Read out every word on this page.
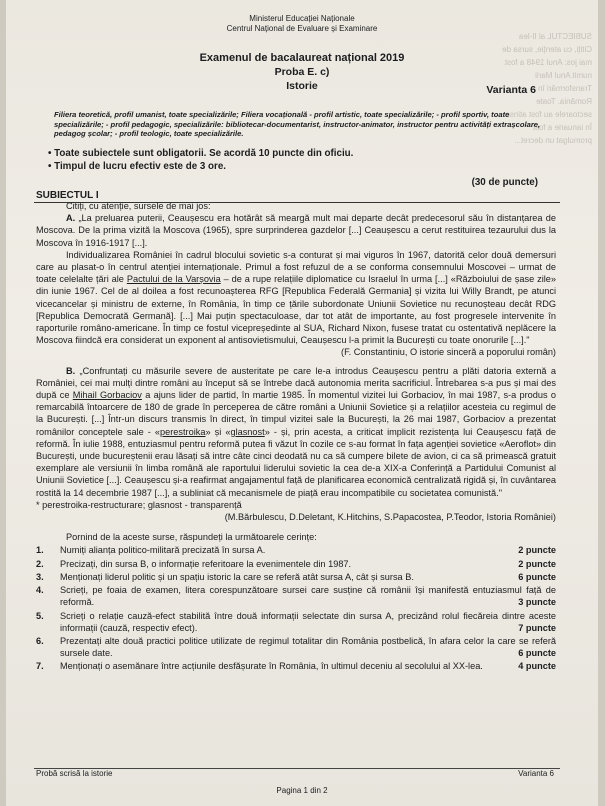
SUBIECTUL al II-lea Citiți, cu atenție, sursa de mai jos: Anul 1948 a fost numit Anul Marii Transformări în România. Toate sectoarele au fost atinse. În ianuarie a fost promulgat un decret...
Ministerul Educației Naționale
Centrul Național de Evaluare și Examinare
Examenul de bacalaureat național 2019
Proba E. c)
Istorie	Varianta 6
Filiera teoretică, profil umanist, toate specializările; Filiera vocațională - profil artistic, toate specializările; - profil sportiv, toate specializările; - profil pedagogic, specializările: bibliotecar-documentarist, instructor-animator, instructor pentru activități extrașcolare, pedagog școlar; - profil teologic, toate specializările.
• Toate subiectele sunt obligatorii. Se acordă 10 puncte din oficiu.
• Timpul de lucru efectiv este de 3 ore.
(30 de puncte)
SUBIECTUL I

Citiți, cu atenție, sursele de mai jos:

A. „La preluarea puterii, Ceaușescu era hotărât să meargă mult mai departe decât predecesorul său în distanțarea de Moscova. De la prima vizită la Moscova (1965), spre surprinderea gazdelor [...] Ceaușescu a cerut restituirea tezaurului dus la Moscova în 1916-1917 [...].

Individualizarea României în cadrul blocului sovietic s-a conturat și mai viguros în 1967, datorită celor două demersuri care au plasat-o în centrul atenției internaționale. Primul a fost refuzul de a se conforma consemnului Moscovei – urmat de toate celelalte țări ale Pactului de la Varșovia – de a rupe relațiile diplomatice cu Israelul în urma [...] «Războiului de șase zile» din iunie 1967. Cel de al doilea a fost recunoașterea RFG [Republica Federală Germania] și vizita lui Willy Brandt, pe atunci vicecancelar și ministru de externe, în România, în timp ce țările subordonate Uniunii Sovietice nu recunoșteau decât RDG [Republica Democrată Germană]. [...] Mai puțin spectaculoase, dar tot atât de importante, au fost progresele intervenite în raporturile româno-americane. În timp ce fostul vicepreședinte al SUA, Richard Nixon, fusese tratat cu ostentativă neplăcere la Moscova fiindcă era considerat un exponent al antisovietismului, Ceaușescu l-a primit la București cu toate onorurile [...]."

(F. Constantiniu, O istorie sinceră a poporului român)

B. „Confruntați cu măsurile severe de austeritate pe care le-a introdus Ceaușescu pentru a plăti datoria externă a României, cei mai mulți dintre români au început să se întrebe dacă autonomia merita sacrificiul. Întrebarea s-a pus și mai des după ce Mihail Gorbaciov a ajuns lider de partid, în martie 1985. În momentul vizitei lui Gorbaciov, în mai 1987, s-a produs o remarcabilă întoarcere de 180 de grade în perceperea de către români a Uniunii Sovietice și a relațiilor acesteia cu regimul de la București. [...] Într-un discurs transmis în direct, în timpul vizitei sale la București, la 26 mai 1987, Gorbaciov a prezentat românilor conceptele sale - «perestroika» și «glasnost» - și, prin acesta, a criticat implicit rezistența lui Ceaușescu față de reformă. În iulie 1988, entuziasmul pentru reformă putea fi văzut în cozile ce s-au format în fața agenției sovietice «Aeroflot» din București, unde bucureștenii erau lăsați să intre câte cinci deodată nu ca să cumpere bilete de avion, ci ca să primească gratuit exemplare ale versiunii în limba română ale raportului liderului sovietic la cea de-a XIX-a Conferință a Partidului Comunist al Uniunii Sovietice [...]. Ceaușescu și-a reafirmat angajamentul față de planificarea economică centralizată rigidă și, în cuvântarea rostită la 14 decembrie 1987 [...], a subliniat că mecanismele de piață erau incompatibile cu societatea comunistă."

* perestroika-restructurare; glasnost - transparență

(M.Bărbulescu, D.Deletant, K.Hitchins, S.Papacostea, P.Teodor, Istoria României)

Pornind de la aceste surse, răspundeți la următoarele cerințe:

1.	Numiți alianța politico-militară precizată în sursa A.	2 puncte
2.	Precizați, din sursa B, o informație referitoare la evenimentele din 1987.	2 puncte
3.	Menționați liderul politic și un spațiu istoric la care se referă atât sursa A, cât și sursa B.	6 puncte
4.	Scrieți, pe foaia de examen, litera corespunzătoare sursei care susține că românii își manifestă entuziasmul față de reformă.	3 puncte
5.	Scrieți o relație cauză-efect stabilită între două informații selectate din sursa A, precizând rolul fiecăreia dintre aceste informații (cauză, respectiv efect).	7 puncte
6.	Prezentați alte două practici politice utilizate de regimul totalitar din România postbelică, în afara celor la care se referă sursele date.	6 puncte
7.	Menționați o asemănare între acțiunile desfășurate în România, în ultimul deceniu al secolului al XX-lea.	4 puncte
Probă scrisă la istorie	Varianta 6
Pagina 1 din 2
